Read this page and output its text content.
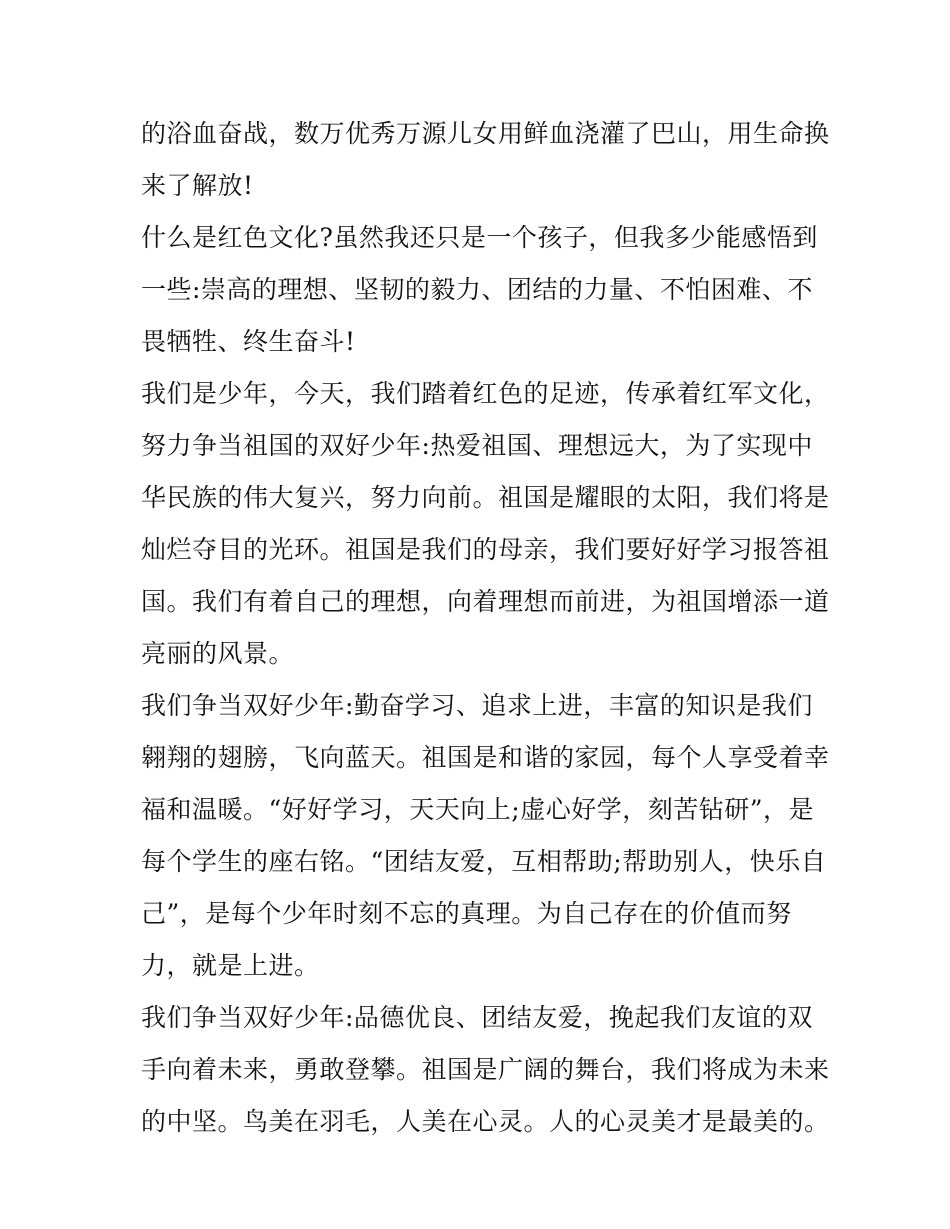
的浴血奋战，数万优秀万源儿女用鲜血浇灌了巴山，用生命换
来了解放!
什么是红色文化?虽然我还只是一个孩子，但我多少能感悟到
一些:崇高的理想、坚韧的毅力、团结的力量、不怕困难、不
畏牺牲、终生奋斗!
我们是少年，今天，我们踏着红色的足迹，传承着红军文化，
努力争当祖国的双好少年:热爱祖国、理想远大，为了实现中
华民族的伟大复兴，努力向前。祖国是耀眼的太阳，我们将是
灿烂夺目的光环。祖国是我们的母亲，我们要好好学习报答祖
国。我们有着自己的理想，向着理想而前进，为祖国增添一道
亮丽的风景。
我们争当双好少年:勤奋学习、追求上进，丰富的知识是我们
翱翔的翅膀，飞向蓝天。祖国是和谐的家园，每个人享受着幸
福和温暖。“好好学习，天天向上;虚心好学，刻苦钻研”，是
每个学生的座右铭。“团结友爱，互相帮助;帮助别人，快乐自
己”，是每个少年时刻不忘的真理。为自己存在的价值而努
力，就是上进。
我们争当双好少年:品德优良、团结友爱，挽起我们友谊的双
手向着未来，勇敢登攀。祖国是广阔的舞台，我们将成为未来
的中坚。鸟美在羽毛，人美在心灵。人的心灵美才是最美的。
